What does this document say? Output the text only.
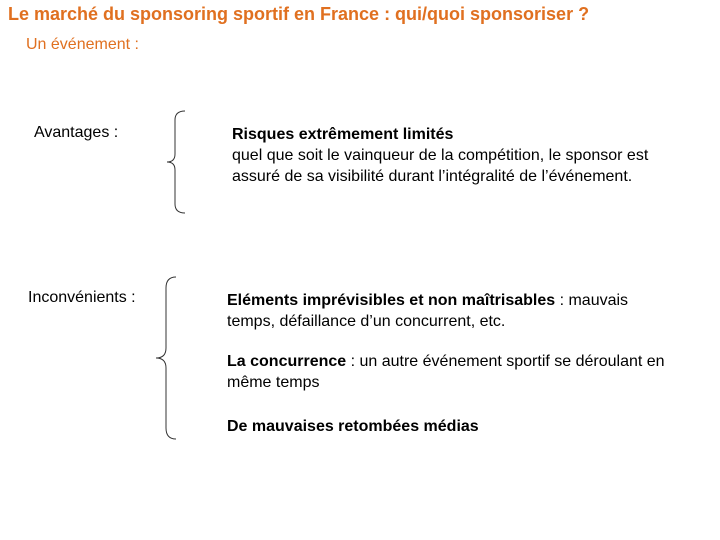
Le marché du sponsoring sportif en France : qui/quoi sponsoriser ?
Un événement :
Avantages :	Risques extrêmement limités
quel que soit le vainqueur de la compétition, le sponsor est assuré de sa visibilité durant l’intégralité de l’événement.
Inconvénients :	Eléments imprévisibles et non maîtrisables : mauvais temps, défaillance d’un concurrent, etc.
La concurrence : un autre événement sportif se déroulant en même temps
De mauvaises retombées médias
